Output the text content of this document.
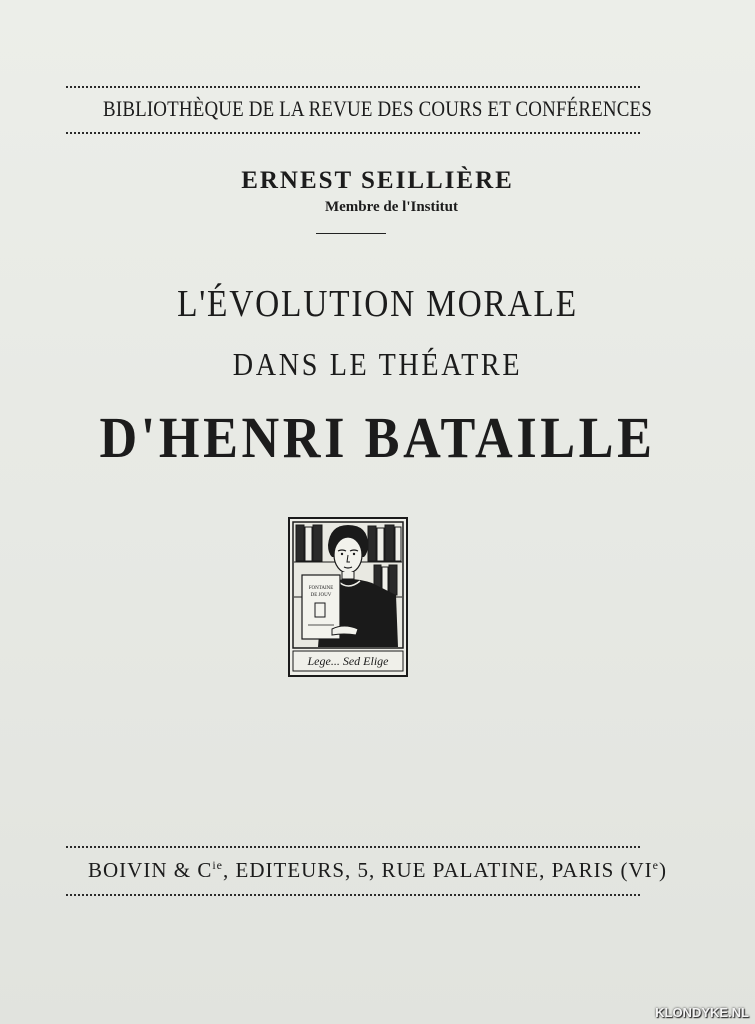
BIBLIOTHÈQUE DE LA REVUE DES COURS ET CONFÉRENCES
ERNEST SEILLIÈRE
Membre de l'Institut
L'ÉVOLUTION MORALE
DANS LE THÉATRE
D'HENRI BATAILLE
FONTAINE
DE JOUV
Lege... Sed Elige
BOIVIN & $C^{ie}$, EDITEURS, 5, RUE PALATINE, PARIS (VIe)
KLONDYKE.NL
